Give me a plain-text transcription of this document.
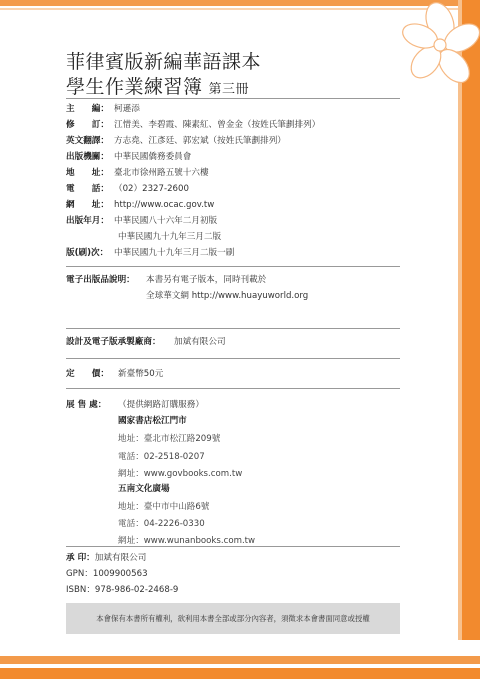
菲律賓版新編華語課本
學生作業練習簿 第三冊
主　　編： 柯遜添
修　　訂： 江惜美、李碧霞、陳素紅、曾金金（按姓氏筆劃排列）
英文翻譯： 方志堯、江彥廷、郭宏斌（按姓氏筆劃排列）
出版機關： 中華民國僑務委員會
地　　址： 臺北市徐州路五號十六樓
電　　話： （02）2327-2600
網　　址： http://www.ocac.gov.tw
出版年月： 中華民國八十六年二月初版
中華民國九十九年三月二版
版(刷)次： 中華民國九十九年三月二版一刷
電子出版品說明： 本書另有電子版本，同時刊載於
全球華文網 http://www.huayuworld.org
設計及電子版承製廠商： 加斌有限公司
定　　價： 新臺幣50元
展 售 處： （提供網路訂購服務）
國家書店松江門市
地址：臺北市松江路209號
電話：02-2518-0207
網址：www.govbooks.com.tw
五南文化廣場
地址：臺中市中山路6號
電話：04-2226-0330
網址：www.wunanbooks.com.tw
承 印：加斌有限公司
GPN：1009900563
ISBN：978-986-02-2468-9
本會保有本書所有權利，欲利用本書全部或部分內容者，須徵求本會書面同意或授權
